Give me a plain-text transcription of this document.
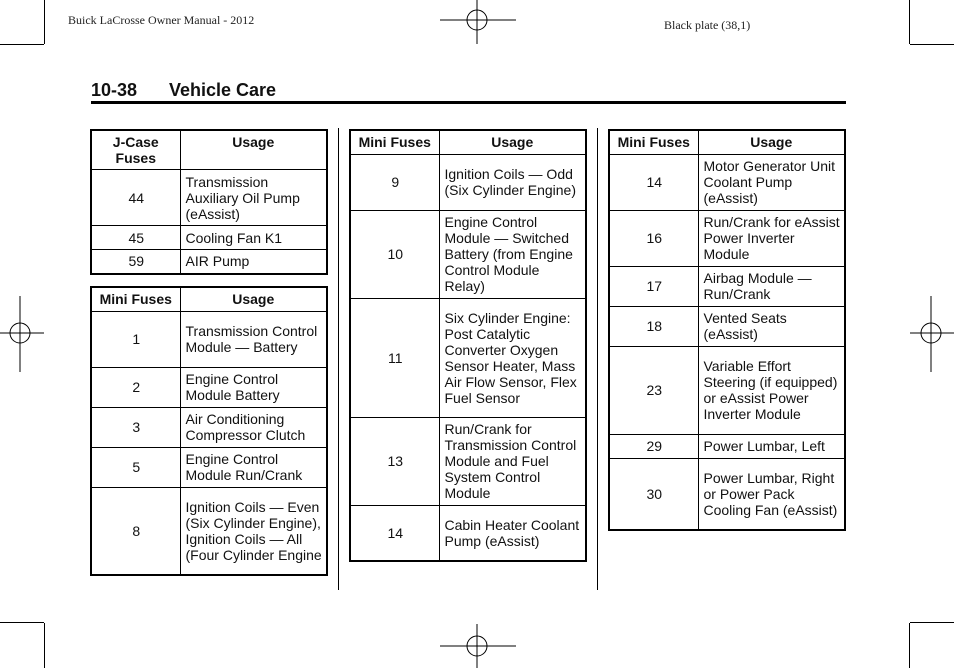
Buick LaCrosse Owner Manual - 2012	Black plate (38,1)
10-38 Vehicle Care
J-Case Fuses	Usage
44	Transmission Auxiliary Oil Pump (eAssist)
45	Cooling Fan K1
59	AIR Pump
Mini Fuses	Usage
1	Transmission Control Module — Battery
2	Engine Control Module Battery
3	Air Conditioning Compressor Clutch
5	Engine Control Module Run/Crank
8	Ignition Coils — Even (Six Cylinder Engine), Ignition Coils — All (Four Cylinder Engine
Mini Fuses	Usage
9	Ignition Coils — Odd (Six Cylinder Engine)
10	Engine Control Module — Switched Battery (from Engine Control Module Relay)
11	Six Cylinder Engine: Post Catalytic Converter Oxygen Sensor Heater, Mass Air Flow Sensor, Flex Fuel Sensor
13	Run/Crank for Transmission Control Module and Fuel System Control Module
14	Cabin Heater Coolant Pump (eAssist)
Mini Fuses	Usage
14	Motor Generator Unit Coolant Pump (eAssist)
16	Run/Crank for eAssist Power Inverter Module
17	Airbag Module — Run/Crank
18	Vented Seats (eAssist)
23	Variable Effort Steering (if equipped) or eAssist Power Inverter Module
29	Power Lumbar, Left
30	Power Lumbar, Right or Power Pack Cooling Fan (eAssist)
